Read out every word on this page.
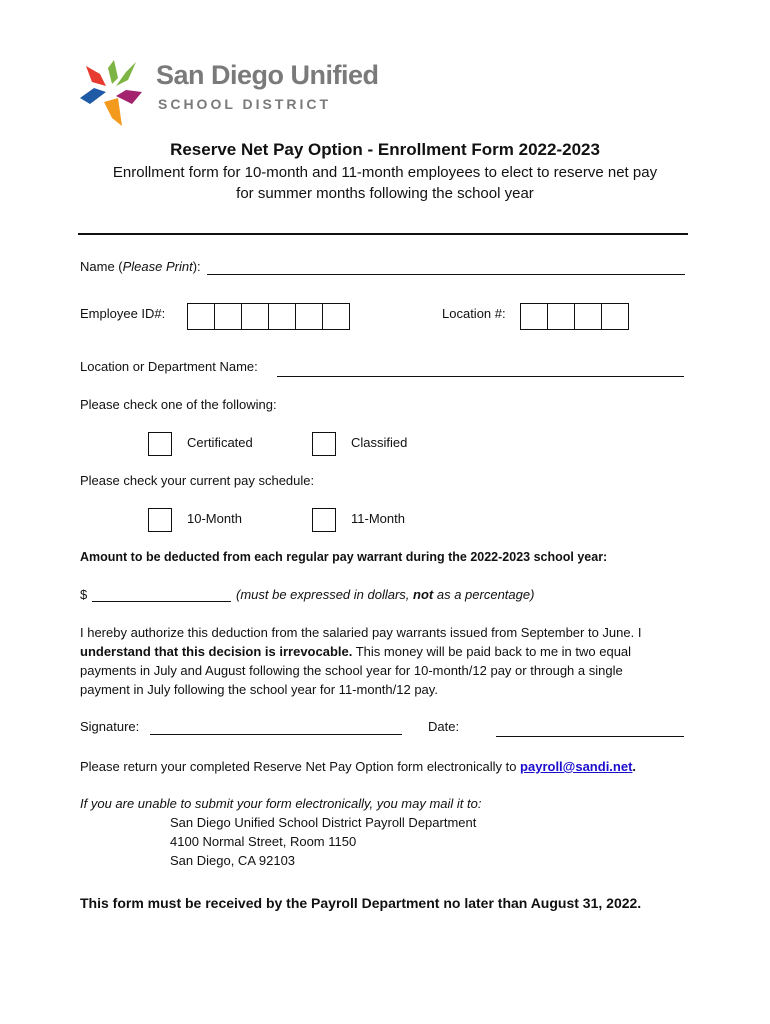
San Diego Unified
SCHOOL DISTRICT
Reserve Net Pay Option - Enrollment Form 2022-2023
Enrollment form for 10-month and 11-month employees to elect to reserve net pay
for summer months following the school year
Name (Please Print):
Employee ID#:	Location #:
Location or Department Name:
Please check one of the following:
Certificated	Classified
Please check your current pay schedule:
10-Month	11-Month
Amount to be deducted from each regular pay warrant during the 2022-2023 school year:
$	(must be expressed in dollars, not as a percentage)
I hereby authorize this deduction from the salaried pay warrants issued from September to June. I
understand that this decision is irrevocable. This money will be paid back to me in two equal
payments in July and August following the school year for 10-month/12 pay or through a single
payment in July following the school year for 11-month/12 pay.
Signature:	Date:
Please return your completed Reserve Net Pay Option form electronically to payroll@sandi.net.
If you are unable to submit your form electronically, you may mail it to:
San Diego Unified School District Payroll Department
4100 Normal Street, Room 1150
San Diego, CA 92103
This form must be received by the Payroll Department no later than August 31, 2022.
